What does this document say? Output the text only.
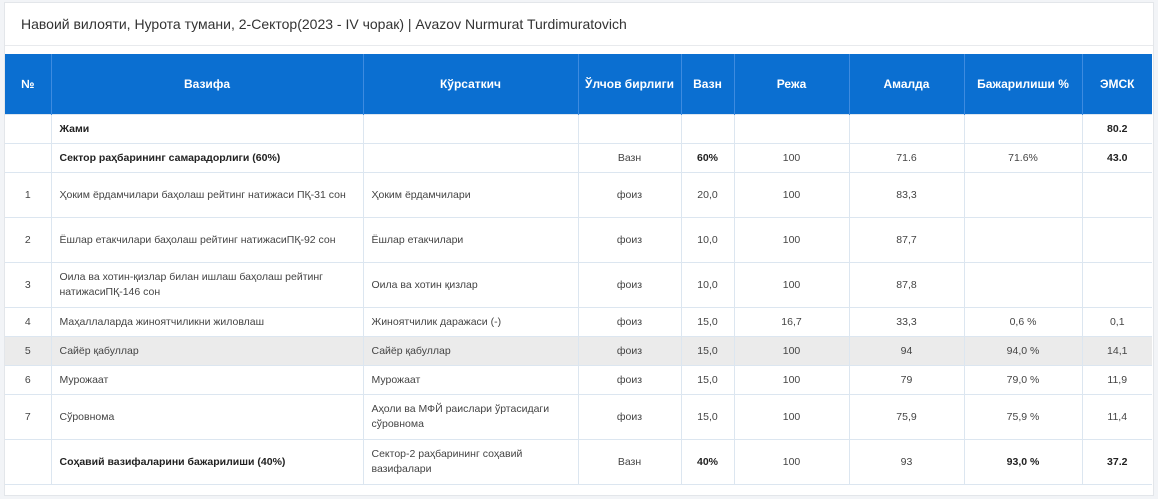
Навоий вилояти, Нурота тумани, 2-Сектор(2023 - IV чорак) | Avazov Nurmurat Turdimuratovich
№	Вазифа	Кўрсаткич	Ўлчов бирлиги	Вазн	Режа	Амалда	Бажарилиши %	ЭМСК
	Жами							80.2
	Сектор раҳбарининг самарадорлиги (60%)		Вазн	60%	100	71.6	71.6%	43.0
1	Ҳоким ёрдамчилари баҳолаш рейтинг натижаси ПҚ-31 сон	Ҳоким ёрдамчилари	фоиз	20,0	100	83,3		
2	Ёшлар етакчилари баҳолаш рейтинг натижасиПҚ-92 сон	Ёшлар етакчилари	фоиз	10,0	100	87,7		
3	Оила ва хотин-қизлар билан ишлаш баҳолаш рейтинг натижасиПҚ-146 сон	Оила ва хотин қизлар	фоиз	10,0	100	87,8		
4	Маҳаллаларда жиноятчиликни жиловлаш	Жиноятчилик даражаси (-)	фоиз	15,0	16,7	33,3	0,6 %	0,1
5	Сайёр қабуллар	Сайёр қабуллар	фоиз	15,0	100	94	94,0 %	14,1
6	Мурожаат	Мурожаат	фоиз	15,0	100	79	79,0 %	11,9
7	Сўровнома	Аҳоли ва МФЙ раислари ўртасидаги сўровнома	фоиз	15,0	100	75,9	75,9 %	11,4
	Соҳавий вазифаларини бажарилиши (40%)	Сектор-2 раҳбарининг соҳавий вазифалари	Вазн	40%	100	93	93,0 %	37.2
